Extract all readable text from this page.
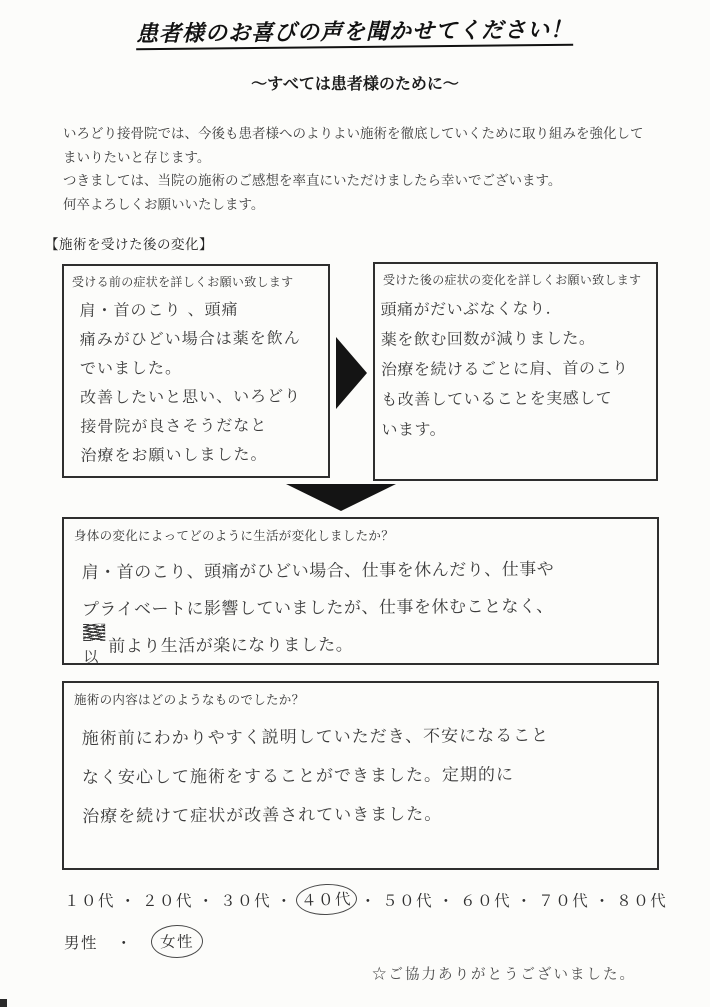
患者様のお喜びの声を聞かせてください！
～すべては患者様のために～
いろどり接骨院では、今後も患者様へのよりよい施術を徹底していくために取り組みを強化して
まいりたいと存じます。
つきましては、当院の施術のご感想を率直にいただけましたら幸いでございます。
何卒よろしくお願いいたします。
【施術を受けた後の変化】
受ける前の症状を詳しくお願い致します
肩・首のこり 、頭痛
痛みがひどい場合は薬を飲ん
でいました。
改善したいと思い、いろどり
接骨院が良さそうだなと
治療をお願いしました。
受けた後の症状の変化を詳しくお願い致します
頭痛がだいぶなくなり．
薬を飲む回数が減りました。
治療を続けるごとに肩、首のこり
も改善していることを実感して
います。
身体の変化によってどのように生活が変化しましたか？
肩・首のこり、頭痛がひどい場合、仕事を休んだり、仕事や
プライベートに影響していましたが、仕事を休むことなく、
以
前より生活が楽になりました。
施術の内容はどのようなものでしたか？
施術前にわかりやすく説明していただき、不安になること
なく安心して施術をすることができました。定期的に
治療を続けて症状が改善されていきました。
１０代 ・ ２０代 ・ ３０代 ・ ４０代 ・ ５０代 ・ ６０代 ・ ７０代 ・ ８０代
男性 ・	女性
☆ご協力ありがとうございました。
